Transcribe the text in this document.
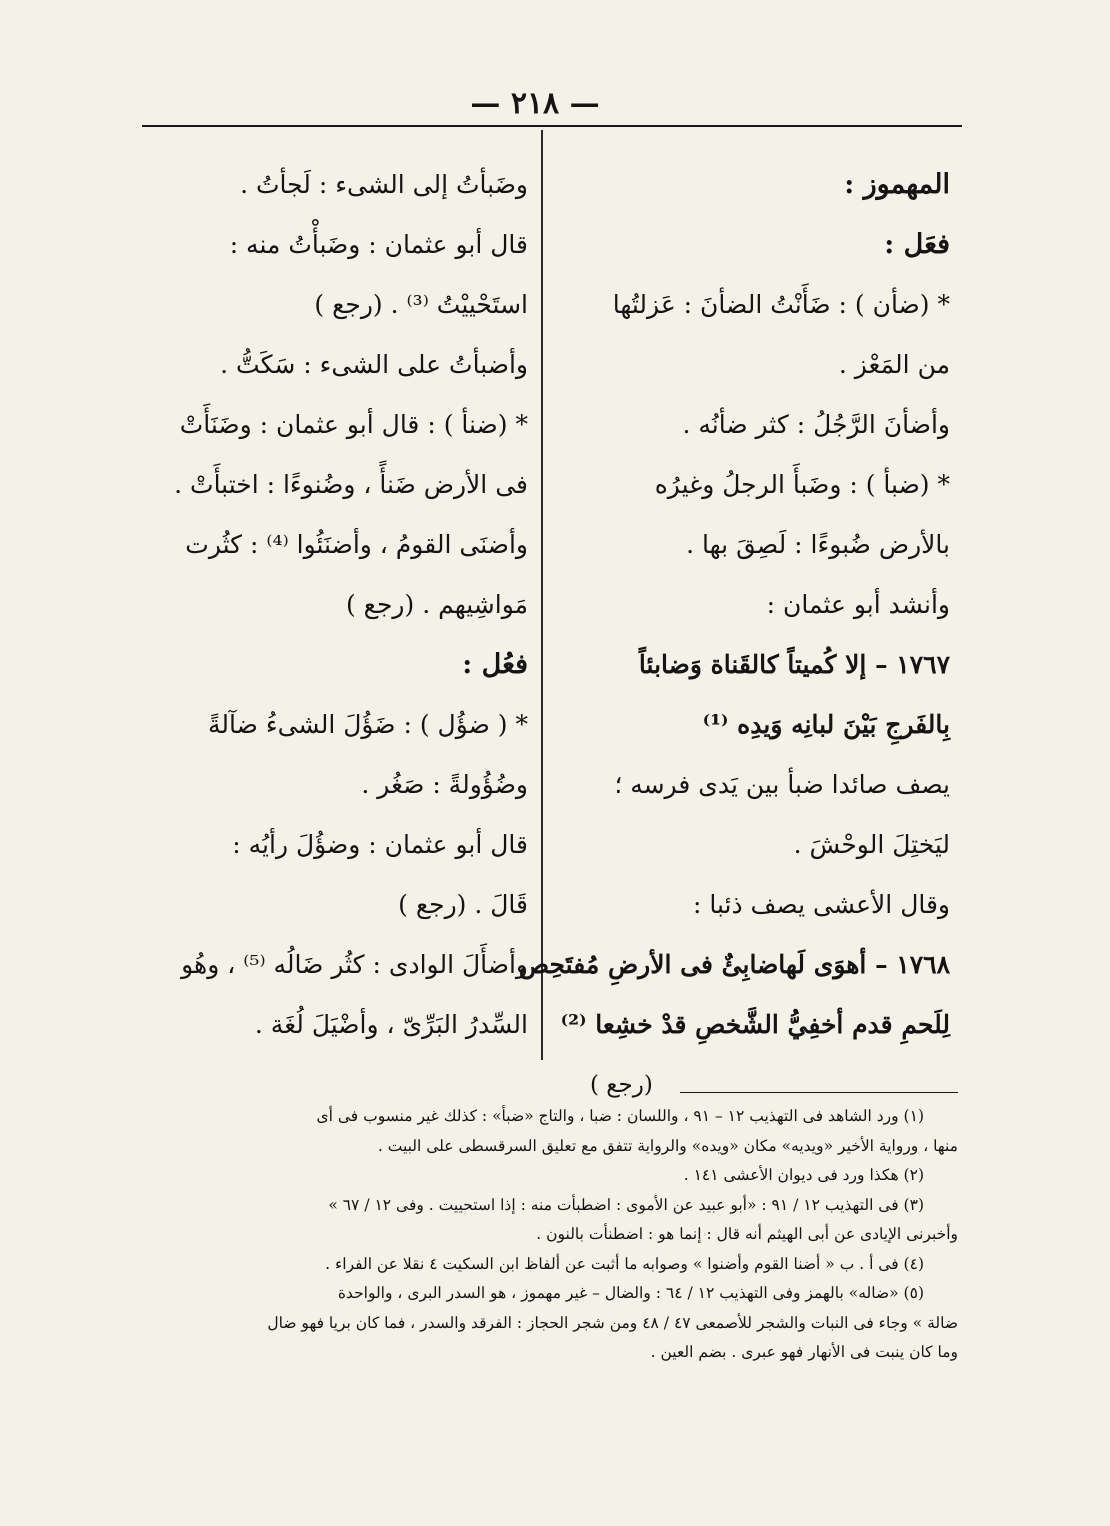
— ٢١٨ —
المهموز :
فعَل :
* (ضأن ) : ضَأَنْتُ الضأنَ : عَزلتُها
من المَعْز .
وأضأنَ الرَّجُلُ : كثر ضأنُه .
* (ضبأ ) : وضَبأَ الرجلُ وغيرُه
بالأرض ضُبوءًا : لَصِقَ بها .
وأنشد أبو عثمان :
١٧٦٧ – إلا كُميتاً كالقَناة وَضابئاً
بِالفَرجِ بَيْنَ لبانِه وَيدِه ⁽¹⁾
يصف صائدا ضبأ بين يَدى فرسه ؛
ليَختِلَ الوحْشَ .
وقال الأعشى يصف ذئبا :
١٧٦٨ – أهوَى لَهاضابِئٌ فى الأرضِ مُفتَحِص
لِلَحمِ قدم أخفِيُّ الشَّخصِ قدْ خشِعا ⁽²⁾
(رجع )
وضَبأتُ إلى الشىء : لَجأتُ .
قال أبو عثمان : وضَبأْتُ منه :
استَحْييْتُ ⁽³⁾ . (رجع )
وأضبأتُ على الشىء : سَكَتُّ .
* (ضنأ ) : قال أبو عثمان : وضَنَأَتْ
فى الأرض ضَنأً ، وضُنوءًا : اختبأَتْ .
وأضنَى القومُ ، وأضنَئُوا ⁽⁴⁾ : كثُرت
مَواشِيهم . (رجع )
فعُل :
* ( ضؤُل ) : ضَؤُلَ الشىءُ ضآلةً
وضُؤُولةً : صَغُر .
قال أبو عثمان : وضؤُلَ رأيُه :
قَالَ . (رجع )
وأضأَلَ الوادى : كثُر ضَالُه ⁽⁵⁾ ، وهُو
السِّدرُ البَرِّىّ ، وأضْيَلَ لُغَة .
(١) ورد الشاهد فى التهذيب ١٢ – ٩١ ، واللسان : ضبا ، والتاج «ضبأ» : كذلك غير منسوب فى أى
منها ، ورواية الأخير «ويديه» مكان «ويده» والرواية تتفق مع تعليق السرقسطى على البيت .
(٢) هكذا ورد فى ديوان الأعشى ١٤١ .
(٣) فى التهذيب ١٢ / ٩١ : «أبو عبيد عن الأموى : اضطبأت منه : إذا استحييت . وفى ١٢ / ٦٧ »
وأخبرنى الإيادى عن أبى الهيثم أنه قال : إنما هو : اضطنأت بالنون .
(٤) فى أ . ب « أضنا القوم وأضنوا » وصوابه ما أثبت عن ألفاظ ابن السكيت ٤ نقلا عن الفراء .
(٥) «ضاله» بالهمز وفى التهذيب ١٢ / ٦٤ : والضال – غير مهموز ، هو السدر البرى ، والواحدة
ضالة » وجاء فى النبات والشجر للأصمعى ٤٧ / ٤٨ ومن شجر الحجاز : الفرقد والسدر ، فما كان بريا فهو ضال
وما كان ينبت فى الأنهار فهو عبرى . بضم العين .
